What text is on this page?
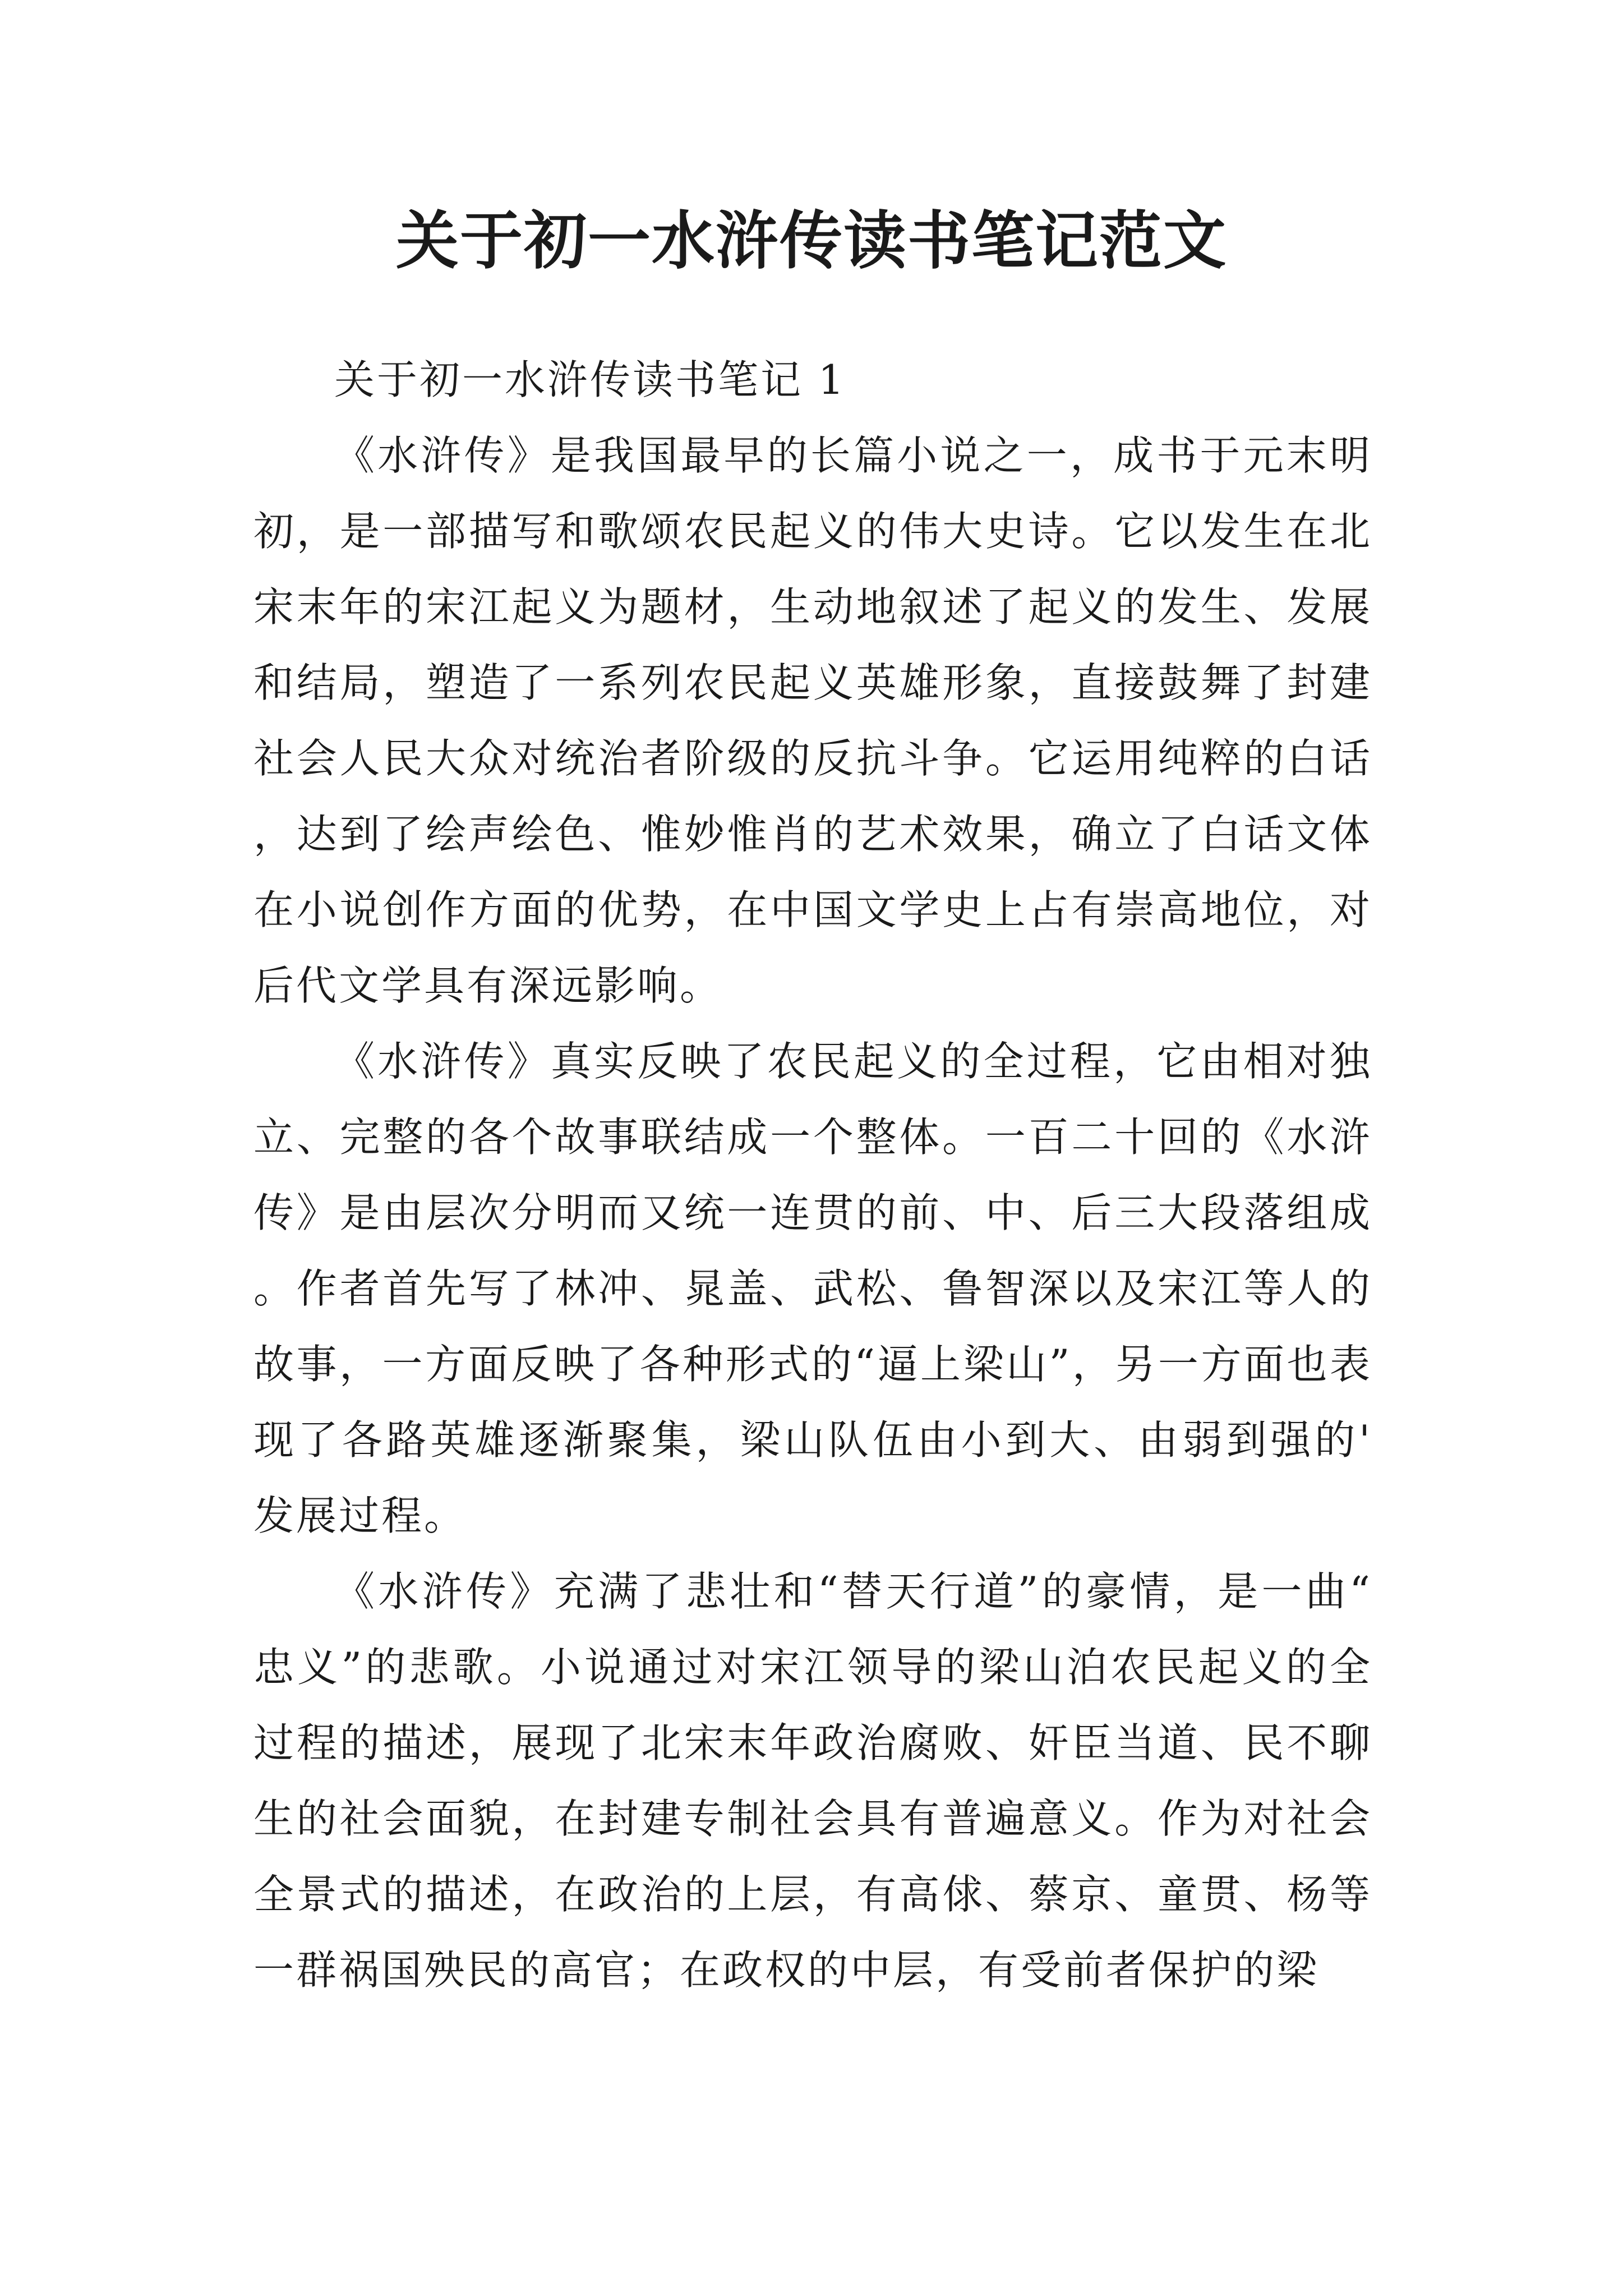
关于初一水浒传读书笔记范文

关于初一水浒传读书笔记 1

《水浒传》是我国最早的长篇小说之一，成书于元末明初，是一部描写和歌颂农民起义的伟大史诗。它以发生在北宋末年的宋江起义为题材，生动地叙述了起义的发生、发展和结局，塑造了一系列农民起义英雄形象，直接鼓舞了封建社会人民大众对统治者阶级的反抗斗争。它运用纯粹的白话，达到了绘声绘色、惟妙惟肖的艺术效果，确立了白话文体在小说创作方面的优势，在中国文学史上占有崇高地位，对后代文学具有深远影响。

《水浒传》真实反映了农民起义的全过程，它由相对独立、完整的各个故事联结成一个整体。一百二十回的《水浒传》是由层次分明而又统一连贯的前、中、后三大段落组成。作者首先写了林冲、晁盖、武松、鲁智深以及宋江等人的故事，一方面反映了各种形式的“逼上梁山”，另一方面也表现了各路英雄逐渐聚集，梁山队伍由小到大、由弱到强的'发展过程。

《水浒传》充满了悲壮和“替天行道”的豪情，是一曲“忠义”的悲歌。小说通过对宋江领导的梁山泊农民起义的全过程的描述，展现了北宋末年政治腐败、奸臣当道、民不聊生的社会面貌，在封建专制社会具有普遍意义。作为对社会全景式的描述，在政治的上层，有高俅、蔡京、童贯、杨等一群祸国殃民的高官；在政权的中层，有受前者保护的梁
